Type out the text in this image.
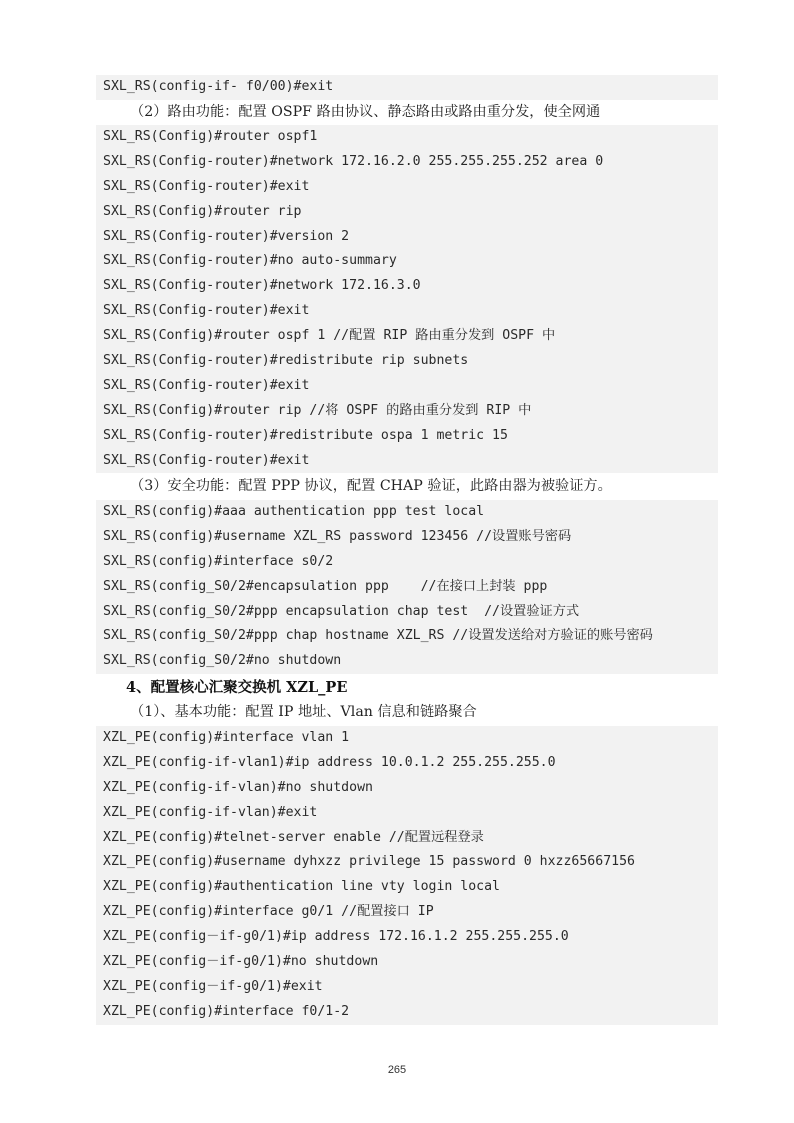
SXL_RS(config-if- f0/00)#exit
（2）路由功能：配置 OSPF 路由协议、静态路由或路由重分发，使全网通
SXL_RS(Config)#router ospf1
SXL_RS(Config-router)#network 172.16.2.0 255.255.255.252 area 0
SXL_RS(Config-router)#exit
SXL_RS(Config)#router rip
SXL_RS(Config-router)#version 2
SXL_RS(Config-router)#no auto-summary
SXL_RS(Config-router)#network 172.16.3.0
SXL_RS(Config-router)#exit
SXL_RS(Config)#router ospf 1 //配置 RIP 路由重分发到 OSPF 中
SXL_RS(Config-router)#redistribute rip subnets
SXL_RS(Config-router)#exit
SXL_RS(Config)#router rip //将 OSPF 的路由重分发到 RIP 中
SXL_RS(Config-router)#redistribute ospa 1 metric 15
SXL_RS(Config-router)#exit
（3）安全功能：配置 PPP 协议，配置 CHAP 验证，此路由器为被验证方。
SXL_RS(config)#aaa authentication ppp test local
SXL_RS(config)#username XZL_RS password 123456 //设置账号密码
SXL_RS(config)#interface s0/2
SXL_RS(config_S0/2#encapsulation ppp    //在接口上封装 ppp
SXL_RS(config_S0/2#ppp encapsulation chap test  //设置验证方式
SXL_RS(config_S0/2#ppp chap hostname XZL_RS //设置发送给对方验证的账号密码
SXL_RS(config_S0/2#no shutdown
4、配置核心汇聚交换机 XZL_PE
（1）、基本功能：配置 IP 地址、Vlan 信息和链路聚合
XZL_PE(config)#interface vlan 1
XZL_PE(config-if-vlan1)#ip address 10.0.1.2 255.255.255.0
XZL_PE(config-if-vlan)#no shutdown
XZL_PE(config-if-vlan)#exit
XZL_PE(config)#telnet-server enable //配置远程登录
XZL_PE(config)#username dyhxzz privilege 15 password 0 hxzz65667156
XZL_PE(config)#authentication line vty login local
XZL_PE(config)#interface g0/1 //配置接口 IP
XZL_PE(config－if-g0/1)#ip address 172.16.1.2 255.255.255.0
XZL_PE(config－if-g0/1)#no shutdown
XZL_PE(config－if-g0/1)#exit
XZL_PE(config)#interface f0/1-2
265
